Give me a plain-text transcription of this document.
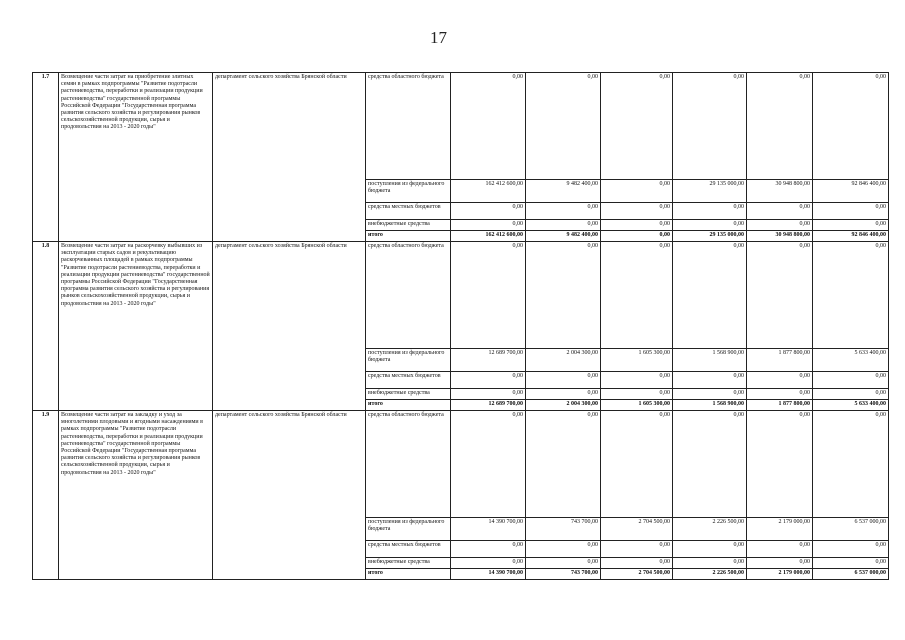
17
1.7	Возмещение части затрат на приобретение элитных семян в рамках подпрограммы "Развитие подотрасли растениеводства, переработки и реализации продукции растениеводства" государственной программы Российской Федерации "Государственная программа развития сельского хозяйства и регулирования рынков сельскохозяйственной продукции, сырья и продовольствия на 2013 - 2020 годы"	департамент сельского хозяйства Брянской области	средства областного бюджета	0,00	0,00	0,00	0,00	0,00	0,00
			поступления из федерального бюджета	162 412 600,00	9 482 400,00	0,00	29 135 000,00	30 948 800,00	92 846 400,00
			средства местных бюджетов	0,00	0,00	0,00	0,00	0,00	0,00
			внебюджетные средства	0,00	0,00	0,00	0,00	0,00	0,00
			итого	162 412 600,00	9 482 400,00	0,00	29 135 000,00	30 948 800,00	92 846 400,00
1.8	Возмещение части затрат на раскорчевку выбывших из эксплуатации старых садов и рекультивацию раскорчеванных площадей в рамках подпрограммы "Развитие подотрасли растениеводства, переработки и реализации продукции растениеводства" государственной программы Российской Федерации "Государственная программа развития сельского хозяйства и регулирования рынков сельскохозяйственной продукции, сырья и продовольствия на 2013 - 2020 годы"	департамент сельского хозяйства Брянской области	средства областного бюджета	0,00	0,00	0,00	0,00	0,00	0,00
			поступления из федерального бюджета	12 689 700,00	2 004 300,00	1 605 300,00	1 568 900,00	1 877 800,00	5 633 400,00
			средства местных бюджетов	0,00	0,00	0,00	0,00	0,00	0,00
			внебюджетные средства	0,00	0,00	0,00	0,00	0,00	0,00
			итого	12 689 700,00	2 004 300,00	1 605 300,00	1 568 900,00	1 877 800,00	5 633 400,00
1.9	Возмещение части затрат на закладку и уход за многолетними плодовыми и ягодными насаждениями в рамках подпрограммы "Развитие подотрасли растениеводства, переработки и реализации продукции растениеводства" государственной программы Российской Федерации "Государственная программа развития сельского хозяйства и регулирования рынков сельскохозяйственной продукции, сырья и продовольствия на 2013 - 2020 годы"	департамент сельского хозяйства Брянской области	средства областного бюджета	0,00	0,00	0,00	0,00	0,00	0,00
			поступления из федерального бюджета	14 390 700,00	743 700,00	2 704 500,00	2 226 500,00	2 179 000,00	6 537 000,00
			средства местных бюджетов	0,00	0,00	0,00	0,00	0,00	0,00
			внебюджетные средства	0,00	0,00	0,00	0,00	0,00	0,00
			итого	14 390 700,00	743 700,00	2 704 500,00	2 226 500,00	2 179 000,00	6 537 000,00
